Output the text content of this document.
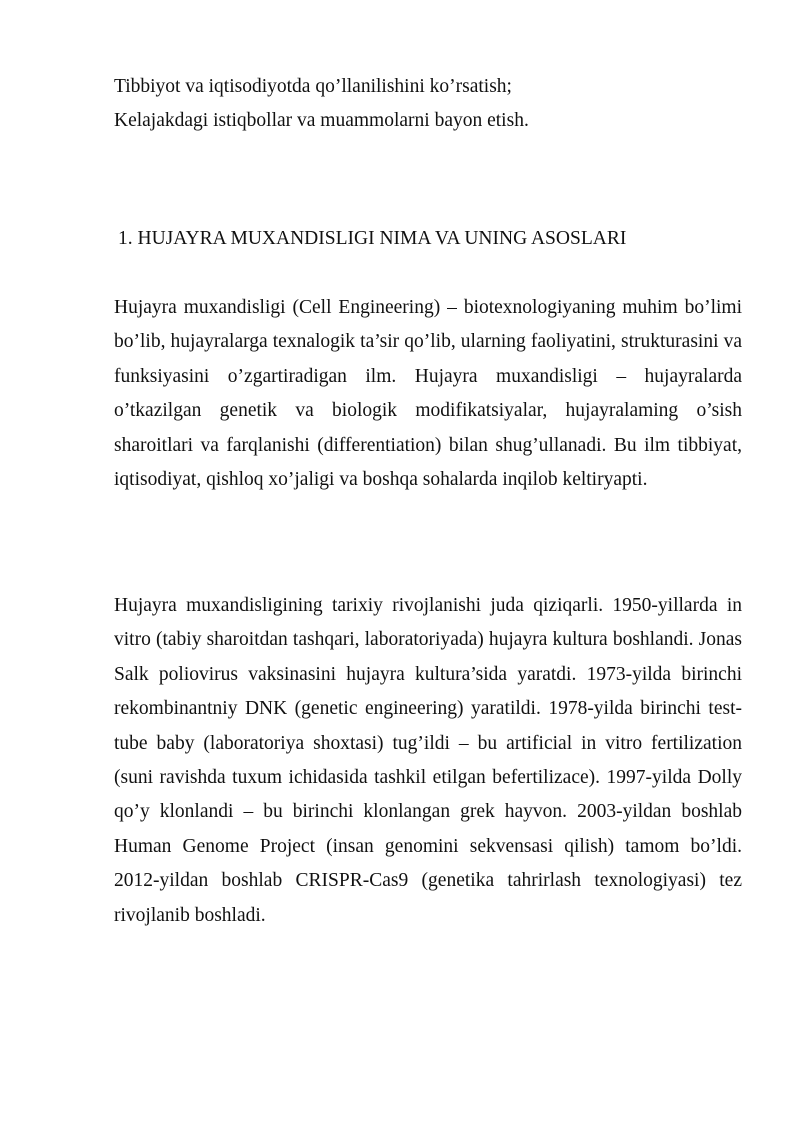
Tibbiyot va iqtisodiyotda qo’llanilishini ko’rsatish;

Kelajakdagi istiqbollar va muammolarni bayon etish.

1. HUJAYRA MUXANDISLIGI NIMA VA UNING ASOSLARI

Hujayra muxandisligi (Cell Engineering) – biotexnologiyaning muhim bo’limi bo’lib, hujayralarga texnalogik ta’sir qo’lib, ularning faoliyatini, strukturasini va funksiyasini o’zgartiradigan ilm. Hujayra muxandisligi – hujayralarda o’tkazilgan genetik va biologik modifikatsiyalar, hujayralaming o’sish sharoitlari va farqlanishi (differentiation) bilan shug’ullanadi. Bu ilm tibbiyat, iqtisodiyat, qishloq xo’jaligi va boshqa sohalarda inqilob keltiryapti.

Hujayra muxandisligining tarixiy rivojlanishi juda qiziqarli. 1950-yillarda in vitro (tabiy sharoitdan tashqari, laboratoriyada) hujayra kultura boshlandi. Jonas Salk poliovirus vaksinasini hujayra kultura’sida yaratdi. 1973-yilda birinchi rekombinantniy DNK (genetic engineering) yaratildi. 1978-yilda birinchi test-tube baby (laboratoriya shoxtasi) tug’ildi – bu artificial in vitro fertilization (suni ravishda tuxum ichidasida tashkil etilgan befertilizace). 1997-yilda Dolly qo’y klonlandi – bu birinchi klonlangan grek hayvon. 2003-yildan boshlab Human Genome Project (insan genomini sekvensasi qilish) tamom bo’ldi. 2012-yildan boshlab CRISPR-Cas9 (genetika tahrirlash texnologiyasi) tez rivojlanib boshladi.
